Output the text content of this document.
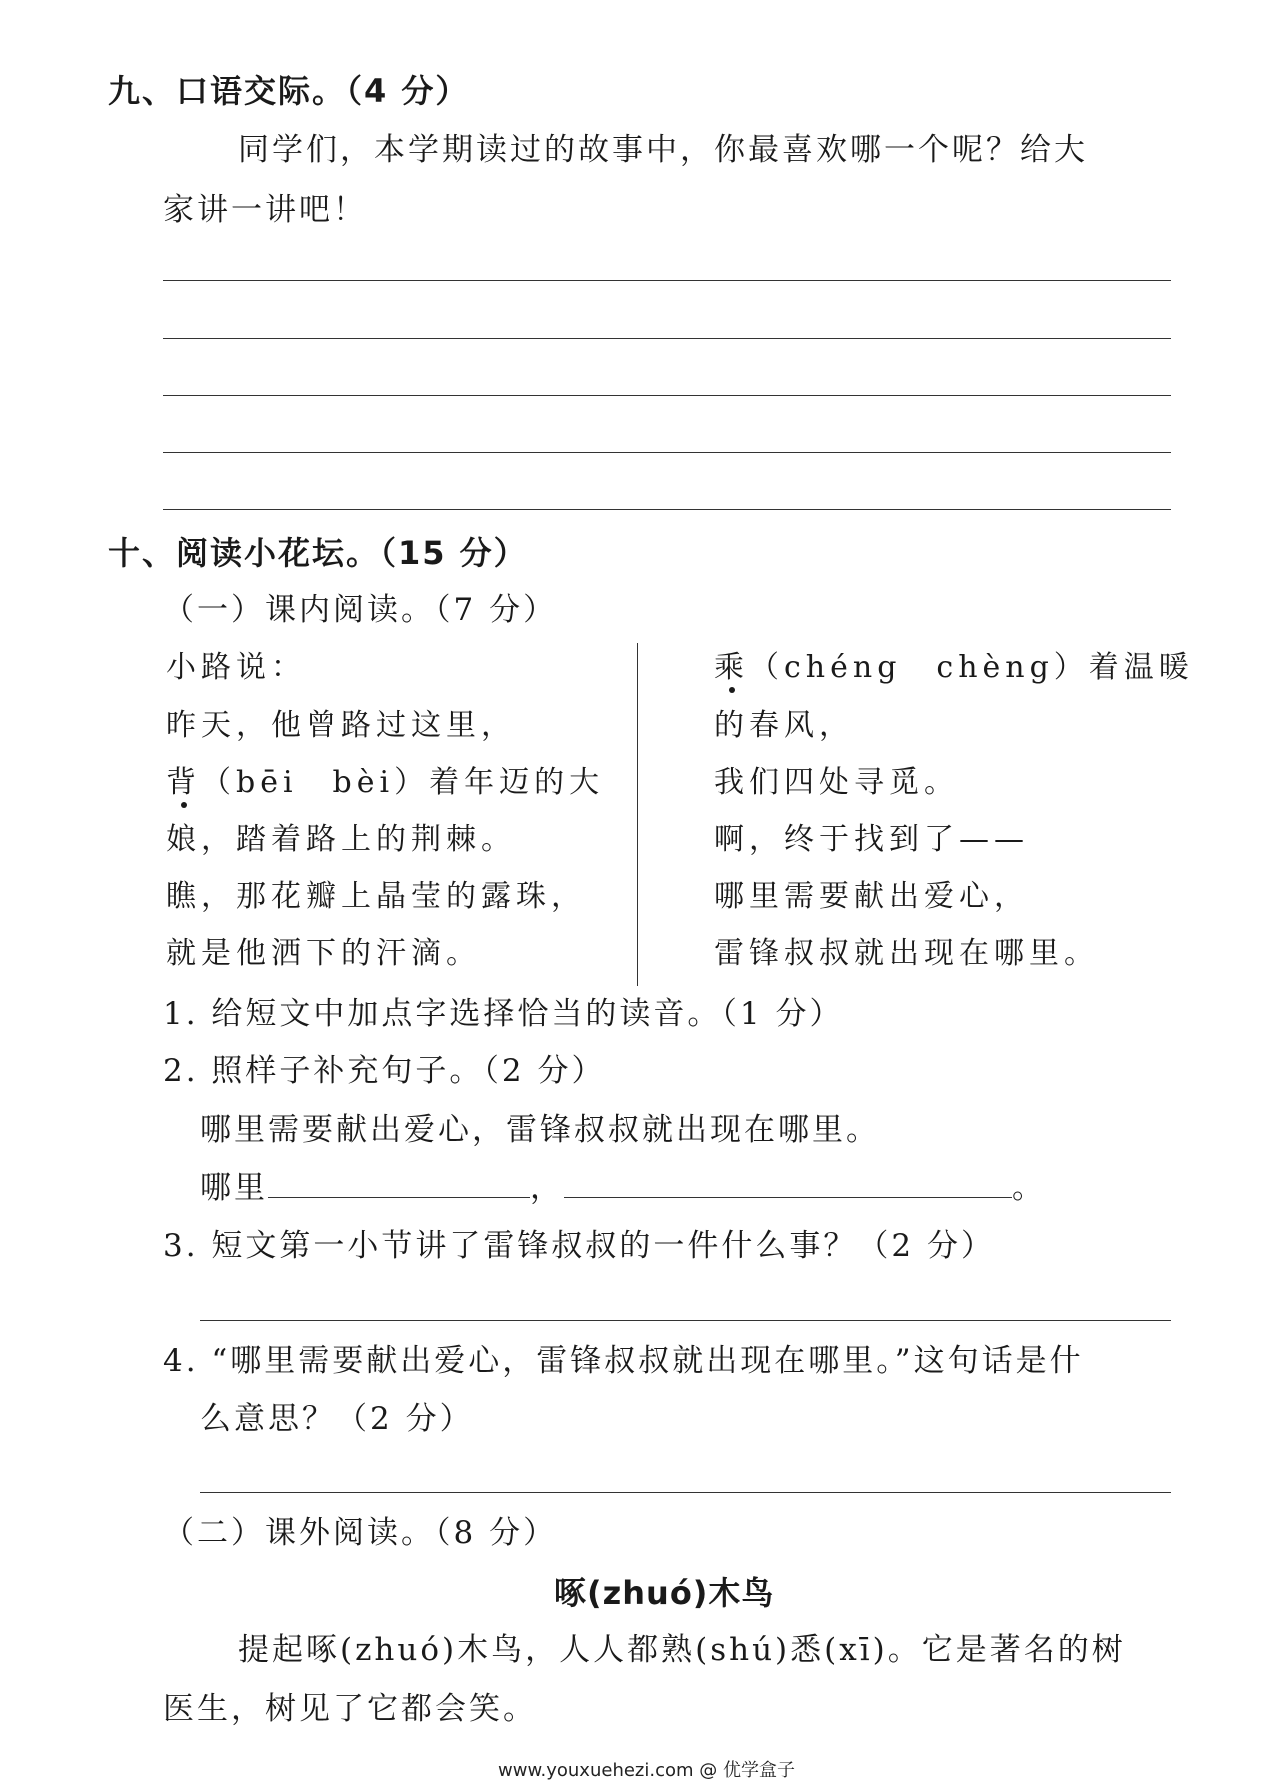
九、口语交际。（4 分）
同学们，本学期读过的故事中，你最喜欢哪一个呢？给大
家讲一讲吧！
十、阅读小花坛。（15 分）
（一）课内阅读。（7 分）
小路说：
昨天，他曾路过这里，
背（bēi　bèi）着年迈的大
娘，踏着路上的荆棘。
瞧，那花瓣上晶莹的露珠，
就是他洒下的汗滴。
乘（chéng　chèng）着温暖
的春风，
我们四处寻觅。
啊，终于找到了——
哪里需要献出爱心，
雷锋叔叔就出现在哪里。
1. 给短文中加点字选择恰当的读音。（1 分）
2. 照样子补充句子。（2 分）
哪里需要献出爱心，雷锋叔叔就出现在哪里。
哪里	，	。
3. 短文第一小节讲了雷锋叔叔的一件什么事？（2 分）
4. “哪里需要献出爱心，雷锋叔叔就出现在哪里。”这句话是什
么意思？（2 分）
（二）课外阅读。（8 分）
啄(zhuó)木鸟
提起啄(zhuó)木鸟，人人都熟(shú)悉(xī)。它是著名的树
医生，树见了它都会笑。
www.youxuehezi.com @ 优学盒子
